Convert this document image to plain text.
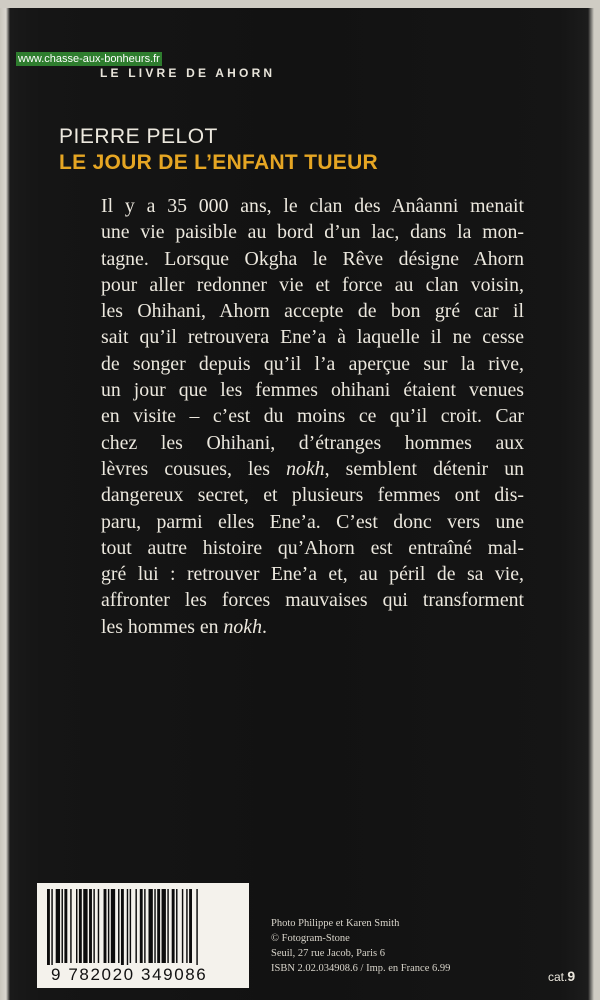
www.chasse-aux-bonheurs.fr
LE LIVRE DE AHORN
PIERRE PELOT
LE JOUR DE L’ENFANT TUEUR
Il y a 35 000 ans, le clan des Anâanni menait
une vie paisible au bord d’un lac, dans la mon-
tagne. Lorsque Okgha le Rêve désigne Ahorn
pour aller redonner vie et force au clan voisin,
les Ohihani, Ahorn accepte de bon gré car il
sait qu’il retrouvera Ene’a à laquelle il ne cesse
de songer depuis qu’il l’a aperçue sur la rive,
un jour que les femmes ohihani étaient venues
en visite – c’est du moins ce qu’il croit. Car
chez les Ohihani, d’étranges hommes aux
lèvres cousues, les nokh, semblent détenir un
dangereux secret, et plusieurs femmes ont dis-
paru, parmi elles Ene’a. C’est donc vers une
tout autre histoire qu’Ahorn est entraîné mal-
gré lui : retrouver Ene’a et, au péril de sa vie,
affronter les forces mauvaises qui transforment
les hommes en nokh.
9 782020 349086
Photo Philippe et Karen Smith
© Fotogram-Stone
Seuil, 27 rue Jacob, Paris 6
ISBN 2.02.034908.6 / Imp. en France 6.99
cat.9
